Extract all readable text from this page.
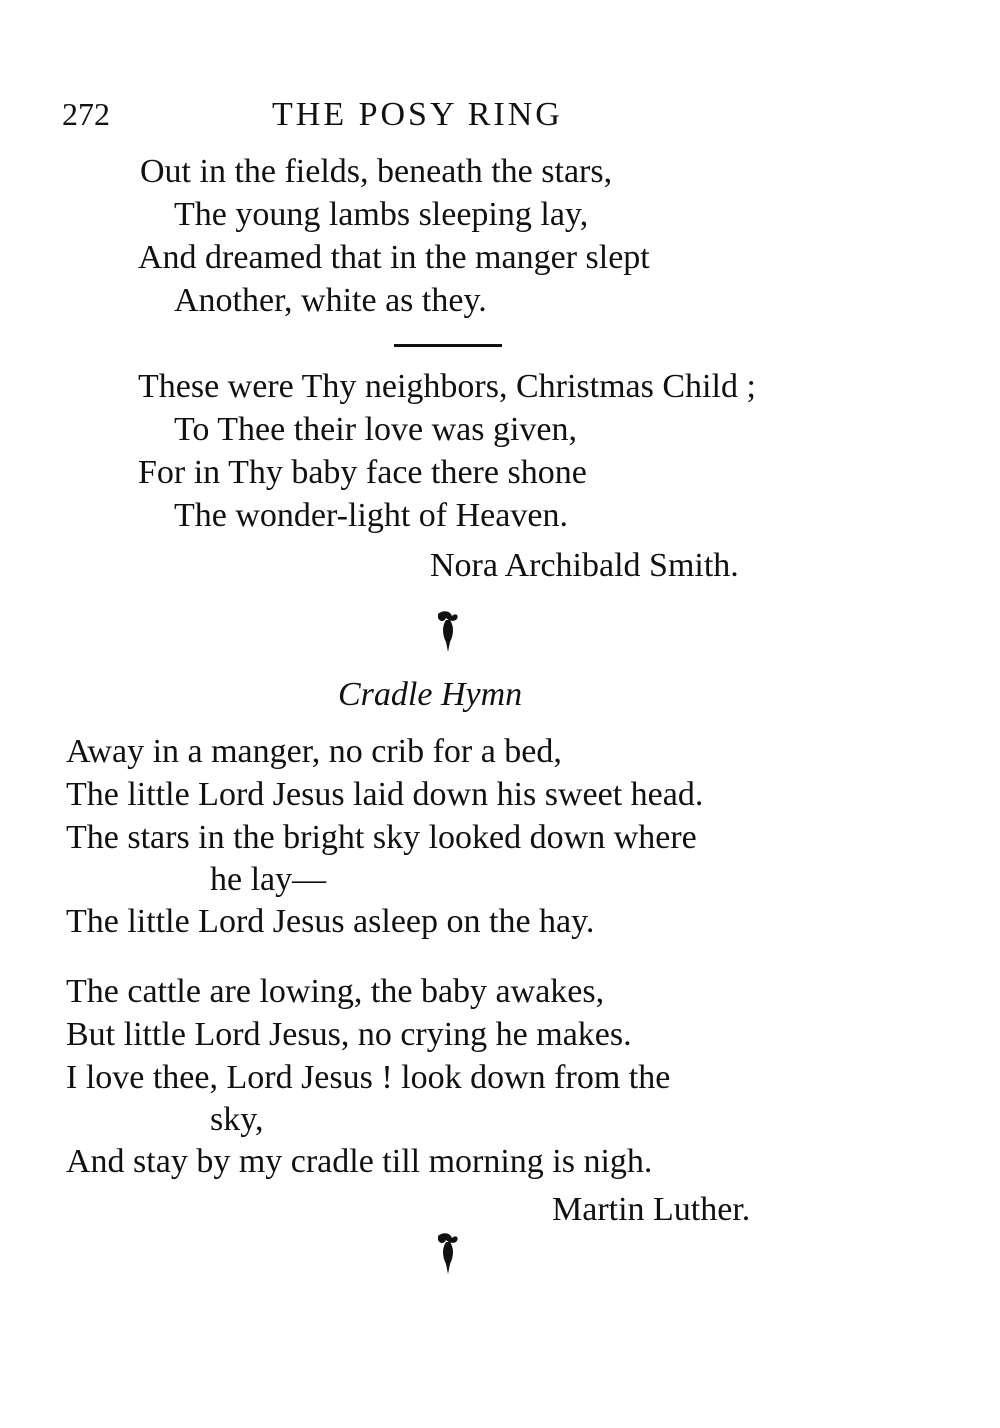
272	THE POSY RING
Out in the fields, beneath the stars,
The young lambs sleeping lay,
And dreamed that in the manger slept
Another, white as they.
These were Thy neighbors, Christmas Child ;
To Thee their love was given,
For in Thy baby face there shone
The wonder-light of Heaven.
Nora Archibald Smith.
Cradle Hymn
Away in a manger, no crib for a bed,
The little Lord Jesus laid down his sweet head.
The stars in the bright sky looked down where
he lay—
The little Lord Jesus asleep on the hay.
The cattle are lowing, the baby awakes,
But little Lord Jesus, no crying he makes.
I love thee, Lord Jesus ! look down from the
sky,
And stay by my cradle till morning is nigh.
Martin Luther.
